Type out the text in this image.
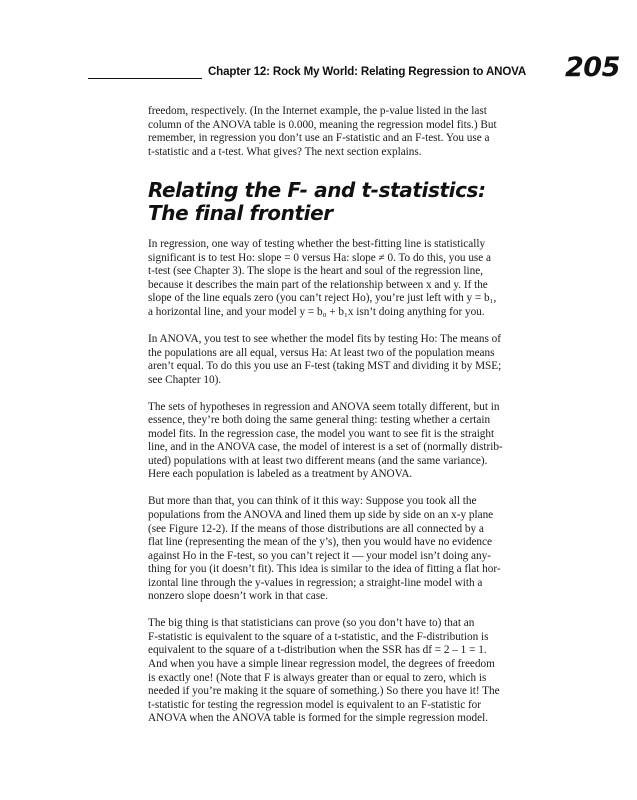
Chapter 12: Rock My World: Relating Regression to ANOVA 205

freedom, respectively. (In the Internet example, the p-value listed in the last
column of the ANOVA table is 0.000, meaning the regression model fits.) But
remember, in regression you don’t use an F-statistic and an F-test. You use a
t-statistic and a t-test. What gives? The next section explains.

Relating the F- and t-statistics:
The final frontier

In regression, one way of testing whether the best-fitting line is statistically
significant is to test Ho: slope = 0 versus Ha: slope ≠ 0. To do this, you use a
t-test (see Chapter 3). The slope is the heart and soul of the regression line,
because it describes the main part of the relationship between x and y. If the
slope of the line equals zero (you can’t reject Ho), you’re just left with y = b₁,
a horizontal line, and your model y = b₀ + b₁x isn’t doing anything for you.

In ANOVA, you test to see whether the model fits by testing Ho: The means of
the populations are all equal, versus Ha: At least two of the population means
aren’t equal. To do this you use an F-test (taking MST and dividing it by MSE;
see Chapter 10).

The sets of hypotheses in regression and ANOVA seem totally different, but in
essence, they’re both doing the same general thing: testing whether a certain
model fits. In the regression case, the model you want to see fit is the straight
line, and in the ANOVA case, the model of interest is a set of (normally distrib-
uted) populations with at least two different means (and the same variance).
Here each population is labeled as a treatment by ANOVA.

But more than that, you can think of it this way: Suppose you took all the
populations from the ANOVA and lined them up side by side on an x-y plane
(see Figure 12-2). If the means of those distributions are all connected by a
flat line (representing the mean of the y’s), then you would have no evidence
against Ho in the F-test, so you can’t reject it — your model isn’t doing any-
thing for you (it doesn’t fit). This idea is similar to the idea of fitting a flat hor-
izontal line through the y-values in regression; a straight-line model with a
nonzero slope doesn’t work in that case.

The big thing is that statisticians can prove (so you don’t have to) that an
F-statistic is equivalent to the square of a t-statistic, and the F-distribution is
equivalent to the square of a t-distribution when the SSR has df = 2 – 1 = 1.
And when you have a simple linear regression model, the degrees of freedom
is exactly one! (Note that F is always greater than or equal to zero, which is
needed if you’re making it the square of something.) So there you have it! The
t-statistic for testing the regression model is equivalent to an F-statistic for
ANOVA when the ANOVA table is formed for the simple regression model.
